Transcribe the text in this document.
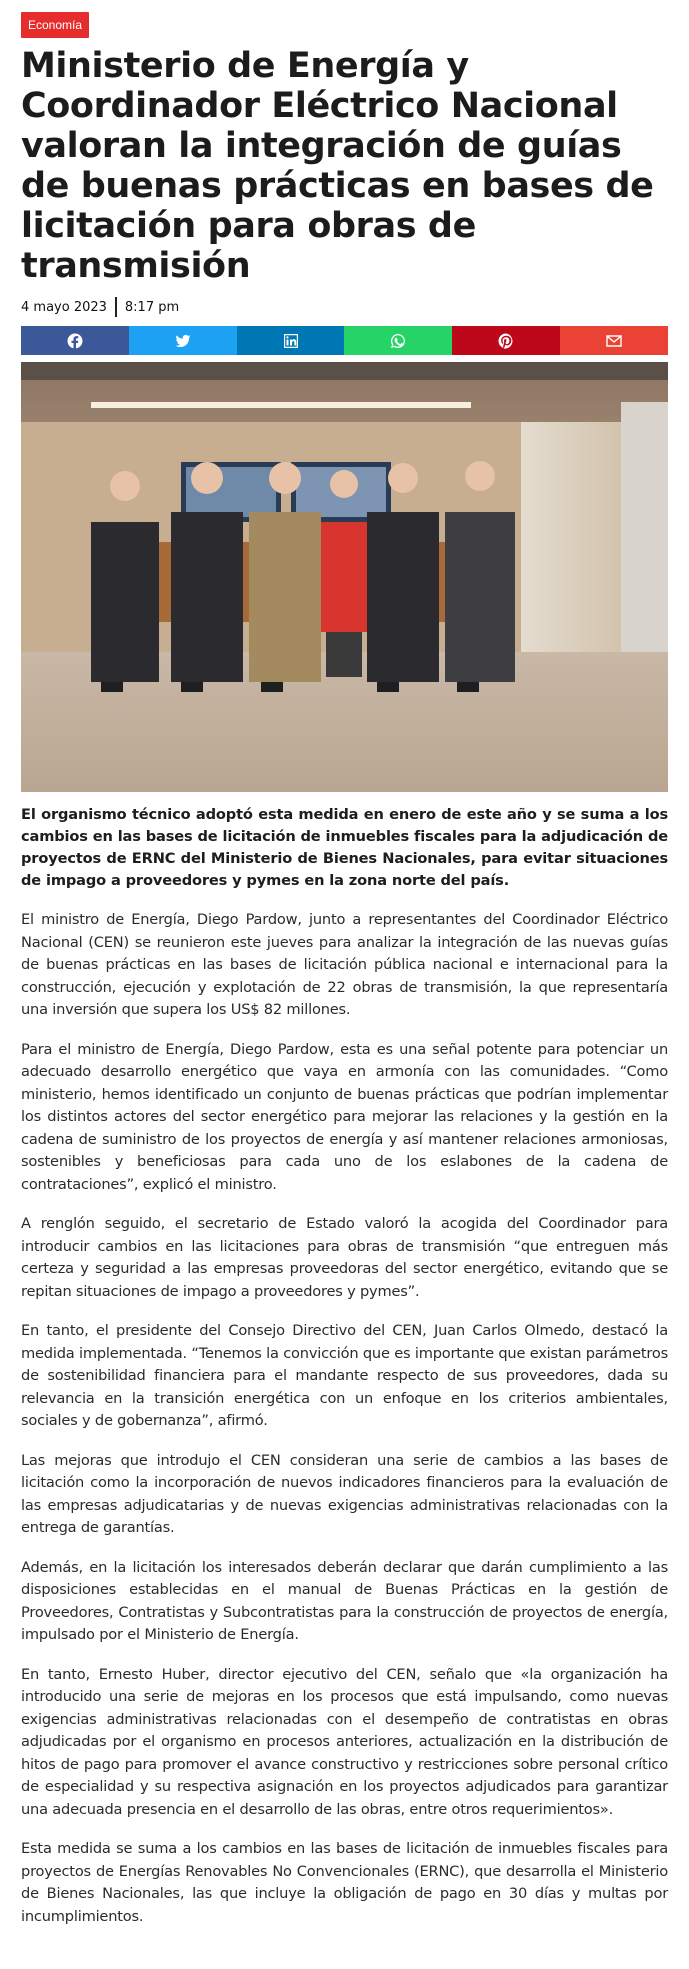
Economía
Ministerio de Energía y Coordinador Eléctrico Nacional valoran la integración de guías de buenas prácticas en bases de licitación para obras de transmisión
4 mayo 2023 8:17 pm

El organismo técnico adoptó esta medida en enero de este año y se suma a los cambios en las bases de licitación de inmuebles fiscales para la adjudicación de proyectos de ERNC del Ministerio de Bienes Nacionales, para evitar situaciones de impago a proveedores y pymes en la zona norte del país.

El ministro de Energía, Diego Pardow, junto a representantes del Coordinador Eléctrico Nacional (CEN) se reunieron este jueves para analizar la integración de las nuevas guías de buenas prácticas en las bases de licitación pública nacional e internacional para la construcción, ejecución y explotación de 22 obras de transmisión, la que representaría una inversión que supera los US$ 82 millones.

Para el ministro de Energía, Diego Pardow, esta es una señal potente para potenciar un adecuado desarrollo energético que vaya en armonía con las comunidades. “Como ministerio, hemos identificado un conjunto de buenas prácticas que podrían implementar los distintos actores del sector energético para mejorar las relaciones y la gestión en la cadena de suministro de los proyectos de energía y así mantener relaciones armoniosas, sostenibles y beneficiosas para cada uno de los eslabones de la cadena de contrataciones”, explicó el ministro.

A renglón seguido, el secretario de Estado valoró la acogida del Coordinador para introducir cambios en las licitaciones para obras de transmisión “que entreguen más certeza y seguridad a las empresas proveedoras del sector energético, evitando que se repitan situaciones de impago a proveedores y pymes”.

En tanto, el presidente del Consejo Directivo del CEN, Juan Carlos Olmedo, destacó la medida implementada. “Tenemos la convicción que es importante que existan parámetros de sostenibilidad financiera para el mandante respecto de sus proveedores, dada su relevancia en la transición energética con un enfoque en los criterios ambientales, sociales y de gobernanza”, afirmó.

Las mejoras que introdujo el CEN consideran una serie de cambios a las bases de licitación como la incorporación de nuevos indicadores financieros para la evaluación de las empresas adjudicatarias y de nuevas exigencias administrativas relacionadas con la entrega de garantías.

Además, en la licitación los interesados deberán declarar que darán cumplimiento a las disposiciones establecidas en el manual de Buenas Prácticas en la gestión de Proveedores, Contratistas y Subcontratistas para la construcción de proyectos de energía, impulsado por el Ministerio de Energía.

En tanto, Ernesto Huber, director ejecutivo del CEN, señalo que «la organización ha introducido una serie de mejoras en los procesos que está impulsando, como nuevas exigencias administrativas relacionadas con el desempeño de contratistas en obras adjudicadas por el organismo en procesos anteriores, actualización en la distribución de hitos de pago para promover el avance constructivo y restricciones sobre personal crítico de especialidad y su respectiva asignación en los proyectos adjudicados para garantizar una adecuada presencia en el desarrollo de las obras, entre otros requerimientos».

Esta medida se suma a los cambios en las bases de licitación de inmuebles fiscales para proyectos de Energías Renovables No Convencionales (ERNC), que desarrolla el Ministerio de Bienes Nacionales, las que incluye la obligación de pago en 30 días y multas por incumplimientos.
